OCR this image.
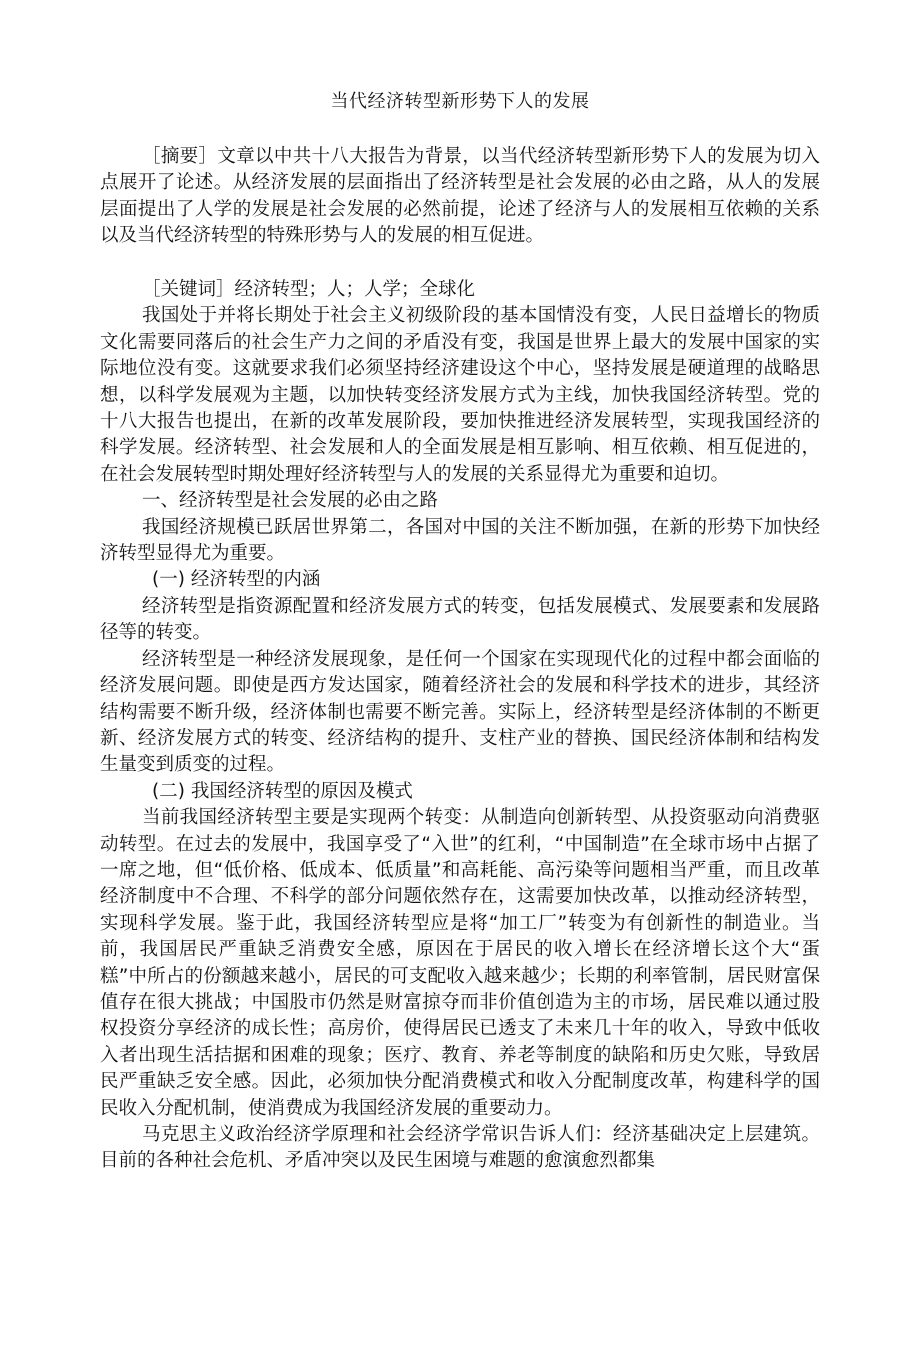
当代经济转型新形势下人的发展

［摘要］文章以中共十八大报告为背景，以当代经济转型新形势下人的发展为切入点展开了论述。从经济发展的层面指出了经济转型是社会发展的必由之路，从人的发展层面提出了人学的发展是社会发展的必然前提，论述了经济与人的发展相互依赖的关系以及当代经济转型的特殊形势与人的发展的相互促进。

［关键词］经济转型；人；人学；全球化

我国处于并将长期处于社会主义初级阶段的基本国情没有变，人民日益增长的物质文化需要同落后的社会生产力之间的矛盾没有变，我国是世界上最大的发展中国家的实际地位没有变。这就要求我们必须坚持经济建设这个中心，坚持发展是硬道理的战略思想，以科学发展观为主题，以加快转变经济发展方式为主线，加快我国经济转型。党的十八大报告也提出，在新的改革发展阶段，要加快推进经济发展转型，实现我国经济的科学发展。经济转型、社会发展和人的全面发展是相互影响、相互依赖、相互促进的，在社会发展转型时期处理好经济转型与人的发展的关系显得尤为重要和迫切。

一、经济转型是社会发展的必由之路

我国经济规模已跃居世界第二，各国对中国的关注不断加强，在新的形势下加快经济转型显得尤为重要。

(一) 经济转型的内涵

经济转型是指资源配置和经济发展方式的转变，包括发展模式、发展要素和发展路径等的转变。

经济转型是一种经济发展现象，是任何一个国家在实现现代化的过程中都会面临的经济发展问题。即使是西方发达国家，随着经济社会的发展和科学技术的进步，其经济结构需要不断升级，经济体制也需要不断完善。实际上，经济转型是经济体制的不断更新、经济发展方式的转变、经济结构的提升、支柱产业的替换、国民经济体制和结构发生量变到质变的过程。

(二) 我国经济转型的原因及模式

当前我国经济转型主要是实现两个转变：从制造向创新转型、从投资驱动向消费驱动转型。在过去的发展中，我国享受了“入世”的红利，“中国制造”在全球市场中占据了一席之地，但“低价格、低成本、低质量”和高耗能、高污染等问题相当严重，而且改革经济制度中不合理、不科学的部分问题依然存在，这需要加快改革，以推动经济转型，实现科学发展。鉴于此，我国经济转型应是将“加工厂”转变为有创新性的制造业。当前，我国居民严重缺乏消费安全感，原因在于居民的收入增长在经济增长这个大“蛋糕”中所占的份额越来越小，居民的可支配收入越来越少；长期的利率管制，居民财富保值存在很大挑战；中国股市仍然是财富掠夺而非价值创造为主的市场，居民难以通过股权投资分享经济的成长性；高房价，使得居民已透支了未来几十年的收入，导致中低收入者出现生活拮据和困难的现象；医疗、教育、养老等制度的缺陷和历史欠账，导致居民严重缺乏安全感。因此，必须加快分配消费模式和收入分配制度改革，构建科学的国民收入分配机制，使消费成为我国经济发展的重要动力。

马克思主义政治经济学原理和社会经济学常识告诉人们：经济基础决定上层建筑。目前的各种社会危机、矛盾冲突以及民生困境与难题的愈演愈烈都集
